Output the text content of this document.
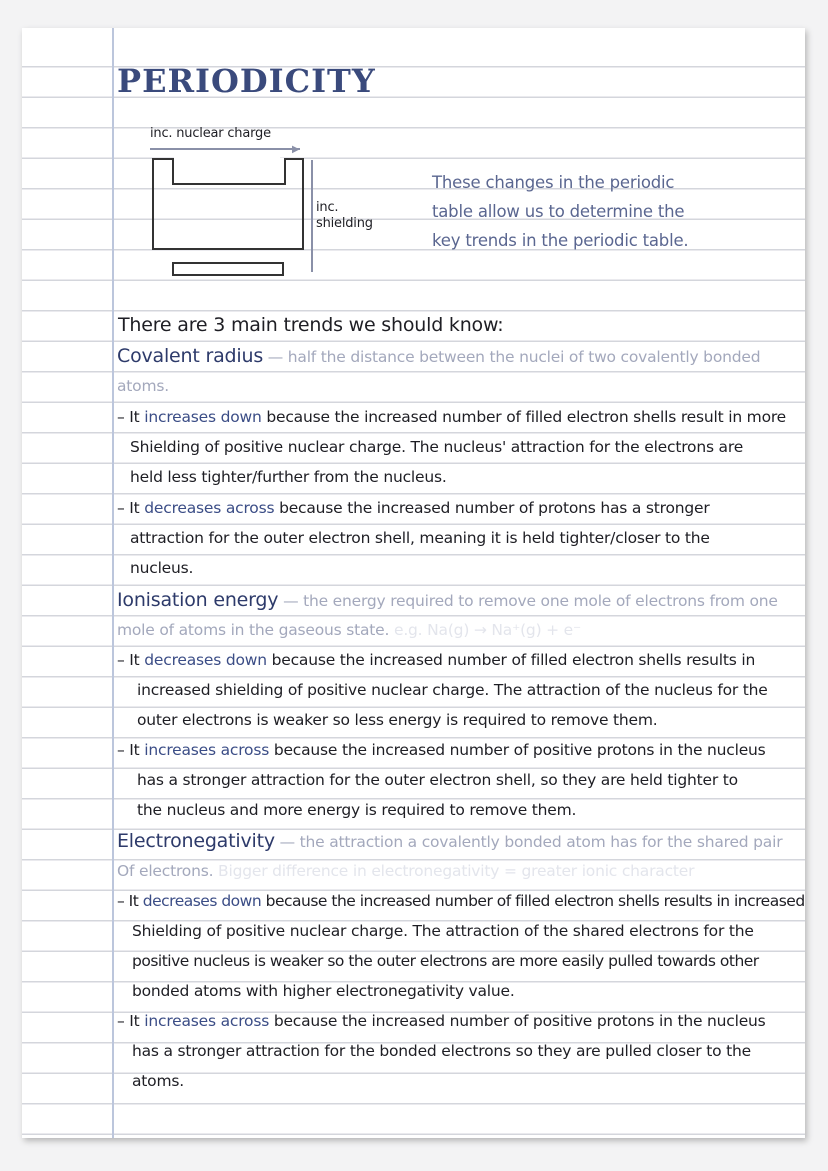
PERIODICITY
inc. nuclear charge
▶
inc.
shielding
These changes in the periodic
table allow us to determine the
key trends in the periodic table.
There are 3 main trends we should know:
Covalent radius — half the distance between the nuclei of two covalently bonded
atoms.
– It increases down because the increased number of filled electron shells result in more
Shielding of positive nuclear charge. The nucleus' attraction for the electrons are
held less tighter/further from the nucleus.
– It decreases across because the increased number of protons has a stronger
attraction for the outer electron shell, meaning it is held tighter/closer to the
nucleus.
Ionisation energy — the energy required to remove one mole of electrons from one
mole of atoms in the gaseous state. e.g. Na(g) → Na⁺(g) + e⁻
– It decreases down because the increased number of filled electron shells results in
increased shielding of positive nuclear charge. The attraction of the nucleus for the
outer electrons is weaker so less energy is required to remove them.
– It increases across because the increased number of positive protons in the nucleus
has a stronger attraction for the outer electron shell, so they are held tighter to
the nucleus and more energy is required to remove them.
Electronegativity — the attraction a covalently bonded atom has for the shared pair
Of electrons. Bigger difference in electronegativity = greater ionic character
– It decreases down because the increased number of filled electron shells results in increased
Shielding of positive nuclear charge. The attraction of the shared electrons for the
positive nucleus is weaker so the outer electrons are more easily pulled towards other
bonded atoms with higher electronegativity value.
– It increases across because the increased number of positive protons in the nucleus
has a stronger attraction for the bonded electrons so they are pulled closer to the
atoms.
